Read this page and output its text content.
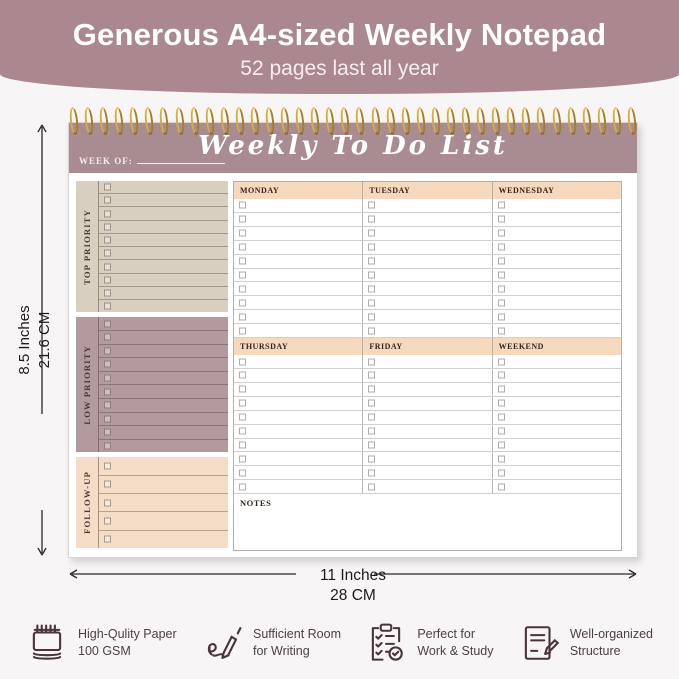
Generous A4-sized Weekly Notepad
52 pages last all year
8.5 Inches 21.6 CM
Weekly To Do List
WEEK OF:
TOP PRIORITY
LOW PRIORITY
FOLLOW-UP
MONDAY	TUESDAY	WEDNESDAY
THURSDAY	FRIDAY	WEEKEND
NOTES
11 Inches
28 CM
High-Qulity Paper
100 GSM
Sufficient Room
for Writing
Perfect for
Work & Study
Well-organized
Structure
